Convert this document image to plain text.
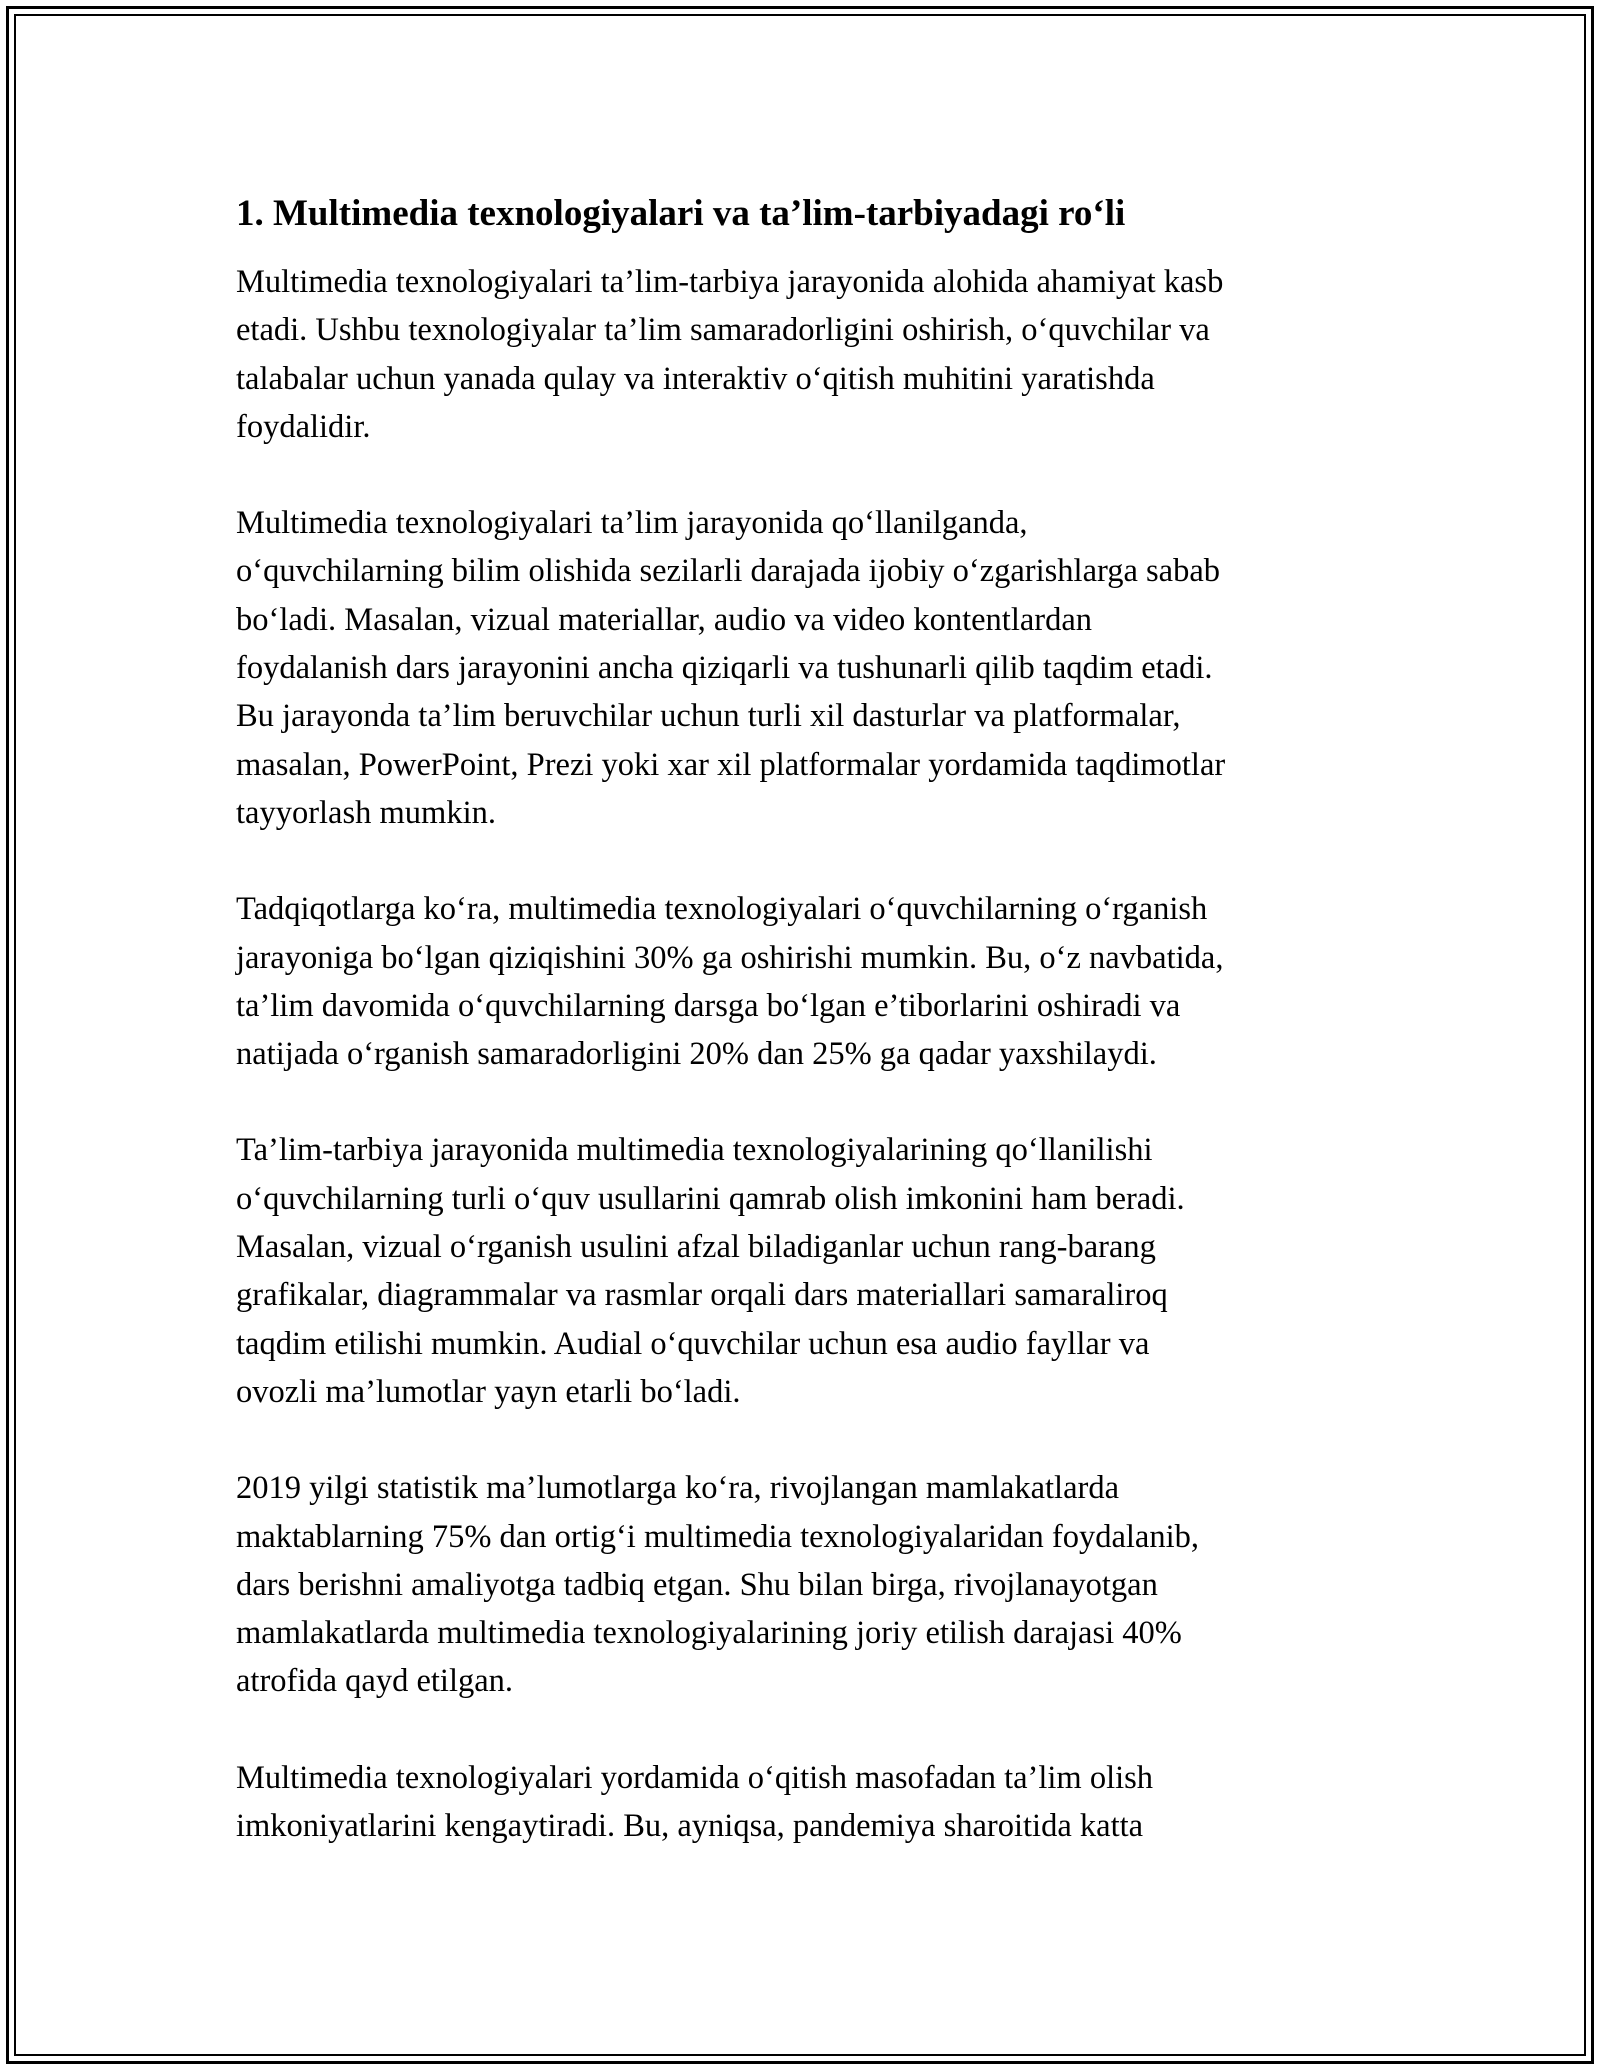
1. Multimedia texnologiyalari va ta’lim-tarbiyadagi ro‘li

Multimedia texnologiyalari ta’lim-tarbiya jarayonida alohida ahamiyat kasb
etadi. Ushbu texnologiyalar ta’lim samaradorligini oshirish, o‘quvchilar va
talabalar uchun yanada qulay va interaktiv o‘qitish muhitini yaratishda
foydalidir.

Multimedia texnologiyalari ta’lim jarayonida qo‘llanilganda,
o‘quvchilarning bilim olishida sezilarli darajada ijobiy o‘zgarishlarga sabab
bo‘ladi. Masalan, vizual materiallar, audio va video kontentlardan
foydalanish dars jarayonini ancha qiziqarli va tushunarli qilib taqdim etadi.
Bu jarayonda ta’lim beruvchilar uchun turli xil dasturlar va platformalar,
masalan, PowerPoint, Prezi yoki xar xil platformalar yordamida taqdimotlar
tayyorlash mumkin.

Tadqiqotlarga ko‘ra, multimedia texnologiyalari o‘quvchilarning o‘rganish
jarayoniga bo‘lgan qiziqishini 30% ga oshirishi mumkin. Bu, o‘z navbatida,
ta’lim davomida o‘quvchilarning darsga bo‘lgan e’tiborlarini oshiradi va
natijada o‘rganish samaradorligini 20% dan 25% ga qadar yaxshilaydi.

Ta’lim-tarbiya jarayonida multimedia texnologiyalarining qo‘llanilishi
o‘quvchilarning turli o‘quv usullarini qamrab olish imkonini ham beradi.
Masalan, vizual o‘rganish usulini afzal biladiganlar uchun rang-barang
grafikalar, diagrammalar va rasmlar orqali dars materiallari samaraliroq
taqdim etilishi mumkin. Audial o‘quvchilar uchun esa audio fayllar va
ovozli ma’lumotlar yayn etarli bo‘ladi.

2019 yilgi statistik ma’lumotlarga ko‘ra, rivojlangan mamlakatlarda
maktablarning 75% dan ortig‘i multimedia texnologiyalaridan foydalanib,
dars berishni amaliyotga tadbiq etgan. Shu bilan birga, rivojlanayotgan
mamlakatlarda multimedia texnologiyalarining joriy etilish darajasi 40%
atrofida qayd etilgan.

Multimedia texnologiyalari yordamida o‘qitish masofadan ta’lim olish
imkoniyatlarini kengaytiradi. Bu, ayniqsa, pandemiya sharoitida katta
